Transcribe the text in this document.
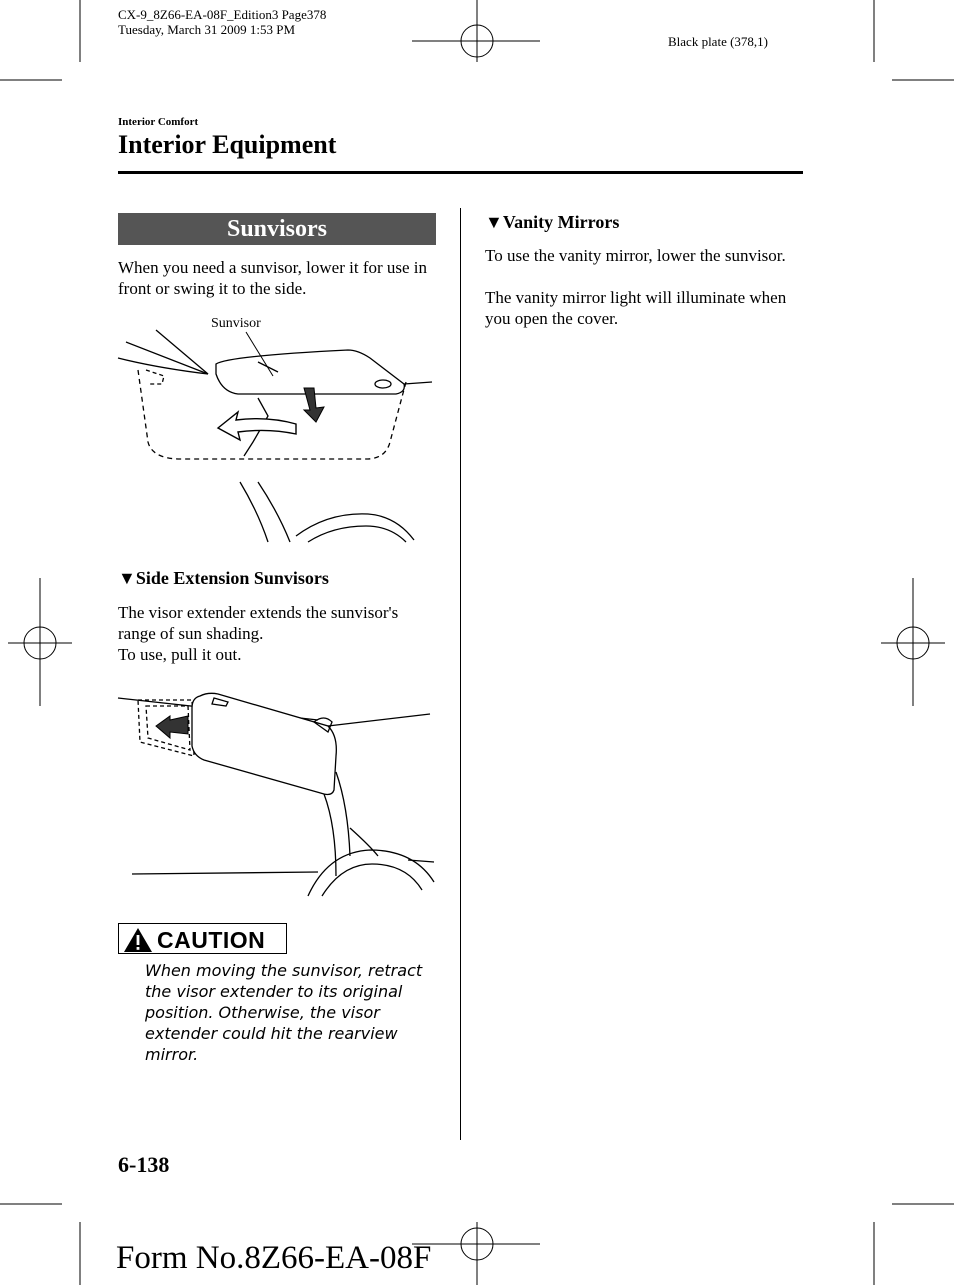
CX-9_8Z66-EA-08F_Edition3 Page378
Tuesday, March 31 2009 1:53 PM
Black plate (378,1)
Interior Comfort
Interior Equipment
Sunvisors
When you need a sunvisor, lower it for use in front or swing it to the side.
Sunvisor
▼Side Extension Sunvisors
The visor extender extends the sunvisor's range of sun shading.
To use, pull it out.
CAUTION
When moving the sunvisor, retract the visor extender to its original position. Otherwise, the visor extender could hit the rearview mirror.
▼Vanity Mirrors
To use the vanity mirror, lower the sunvisor.
The vanity mirror light will illuminate when you open the cover.
6-138
Form No.8Z66-EA-08F
